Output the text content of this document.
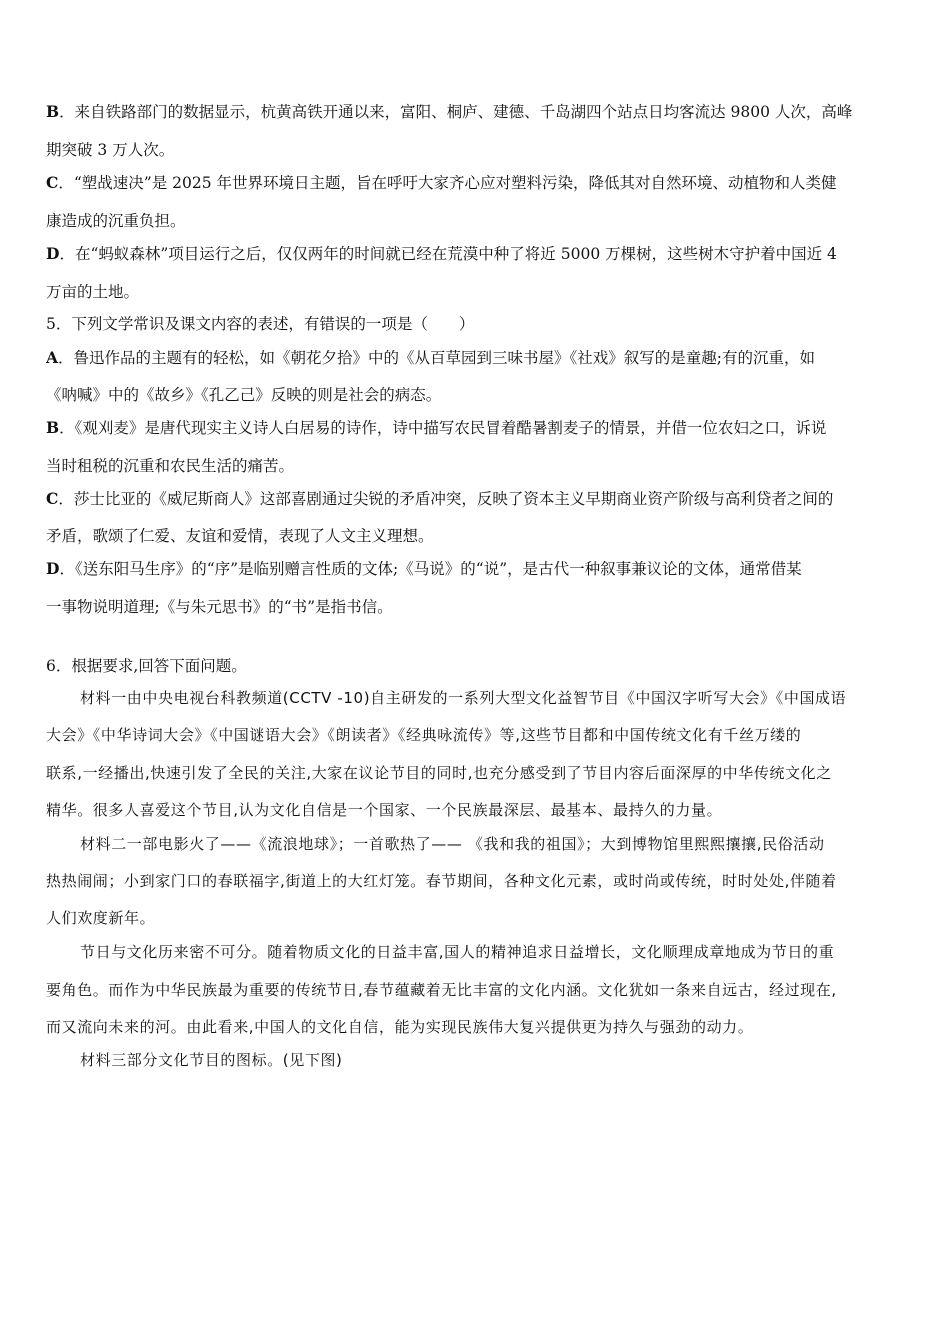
B．来自铁路部门的数据显示，杭黄高铁开通以来，富阳、桐庐、建德、千岛湖四个站点日均客流达 9800 人次，高峰
期突破 3 万人次。
C．“塑战速决”是 2025 年世界环境日主题，旨在呼吁大家齐心应对塑料污染，降低其对自然环境、动植物和人类健
康造成的沉重负担。
D．在“蚂蚁森林”项目运行之后，仅仅两年的时间就已经在荒漠中种了将近 5000 万棵树，这些树木守护着中国近 4
万亩的土地。
5．下列文学常识及课文内容的表述，有错误的一项是（　　）
A．鲁迅作品的主题有的轻松，如《朝花夕拾》中的《从百草园到三味书屋》《社戏》叙写的是童趣;有的沉重，如
《呐喊》中的《故乡》《孔乙己》反映的则是社会的病态。
B．《观刈麦》是唐代现实主义诗人白居易的诗作，诗中描写农民冒着酷暑割麦子的情景，并借一位农妇之口，诉说
当时租税的沉重和农民生活的痛苦。
C．莎士比亚的《威尼斯商人》这部喜剧通过尖锐的矛盾冲突，反映了资本主义早期商业资产阶级与高利贷者之间的
矛盾，歌颂了仁爱、友谊和爱情，表现了人文主义理想。
D．《送东阳马生序》的“序”是临别赠言性质的文体;《马说》的“说”，是古代一种叙事兼议论的文体，通常借某
一事物说明道理;《与朱元思书》的“书”是指书信。
6．根据要求,回答下面问题。
材料一由中央电视台科教频道(CCTV -10)自主研发的一系列大型文化益智节目《中国汉字听写大会》《中国成语
大会》《中华诗词大会》《中国谜语大会》《朗读者》《经典咏流传》等,这些节目都和中国传统文化有千丝万缕的
联系,一经播出,快速引发了全民的关注,大家在议论节目的同时,也充分感受到了节目内容后面深厚的中华传统文化之
精华。很多人喜爱这个节目,认为文化自信是一个国家、一个民族最深层、最基本、最持久的力量。
材料二一部电影火了——《流浪地球》；一首歌热了—— 《我和我的祖国》；大到博物馆里熙熙攘攘,民俗活动
热热闹闹；小到家门口的春联福字,街道上的大红灯笼。春节期间，各种文化元素，或时尚或传统，时时处处,伴随着
人们欢度新年。
节日与文化历来密不可分。随着物质文化的日益丰富,国人的精神追求日益增长，文化顺理成章地成为节日的重
要角色。而作为中华民族最为重要的传统节日,春节蕴藏着无比丰富的文化内涵。文化犹如一条来自远古，经过现在,
而又流向未来的河。由此看来,中国人的文化自信，能为实现民族伟大复兴提供更为持久与强劲的动力。
材料三部分文化节目的图标。(见下图)
